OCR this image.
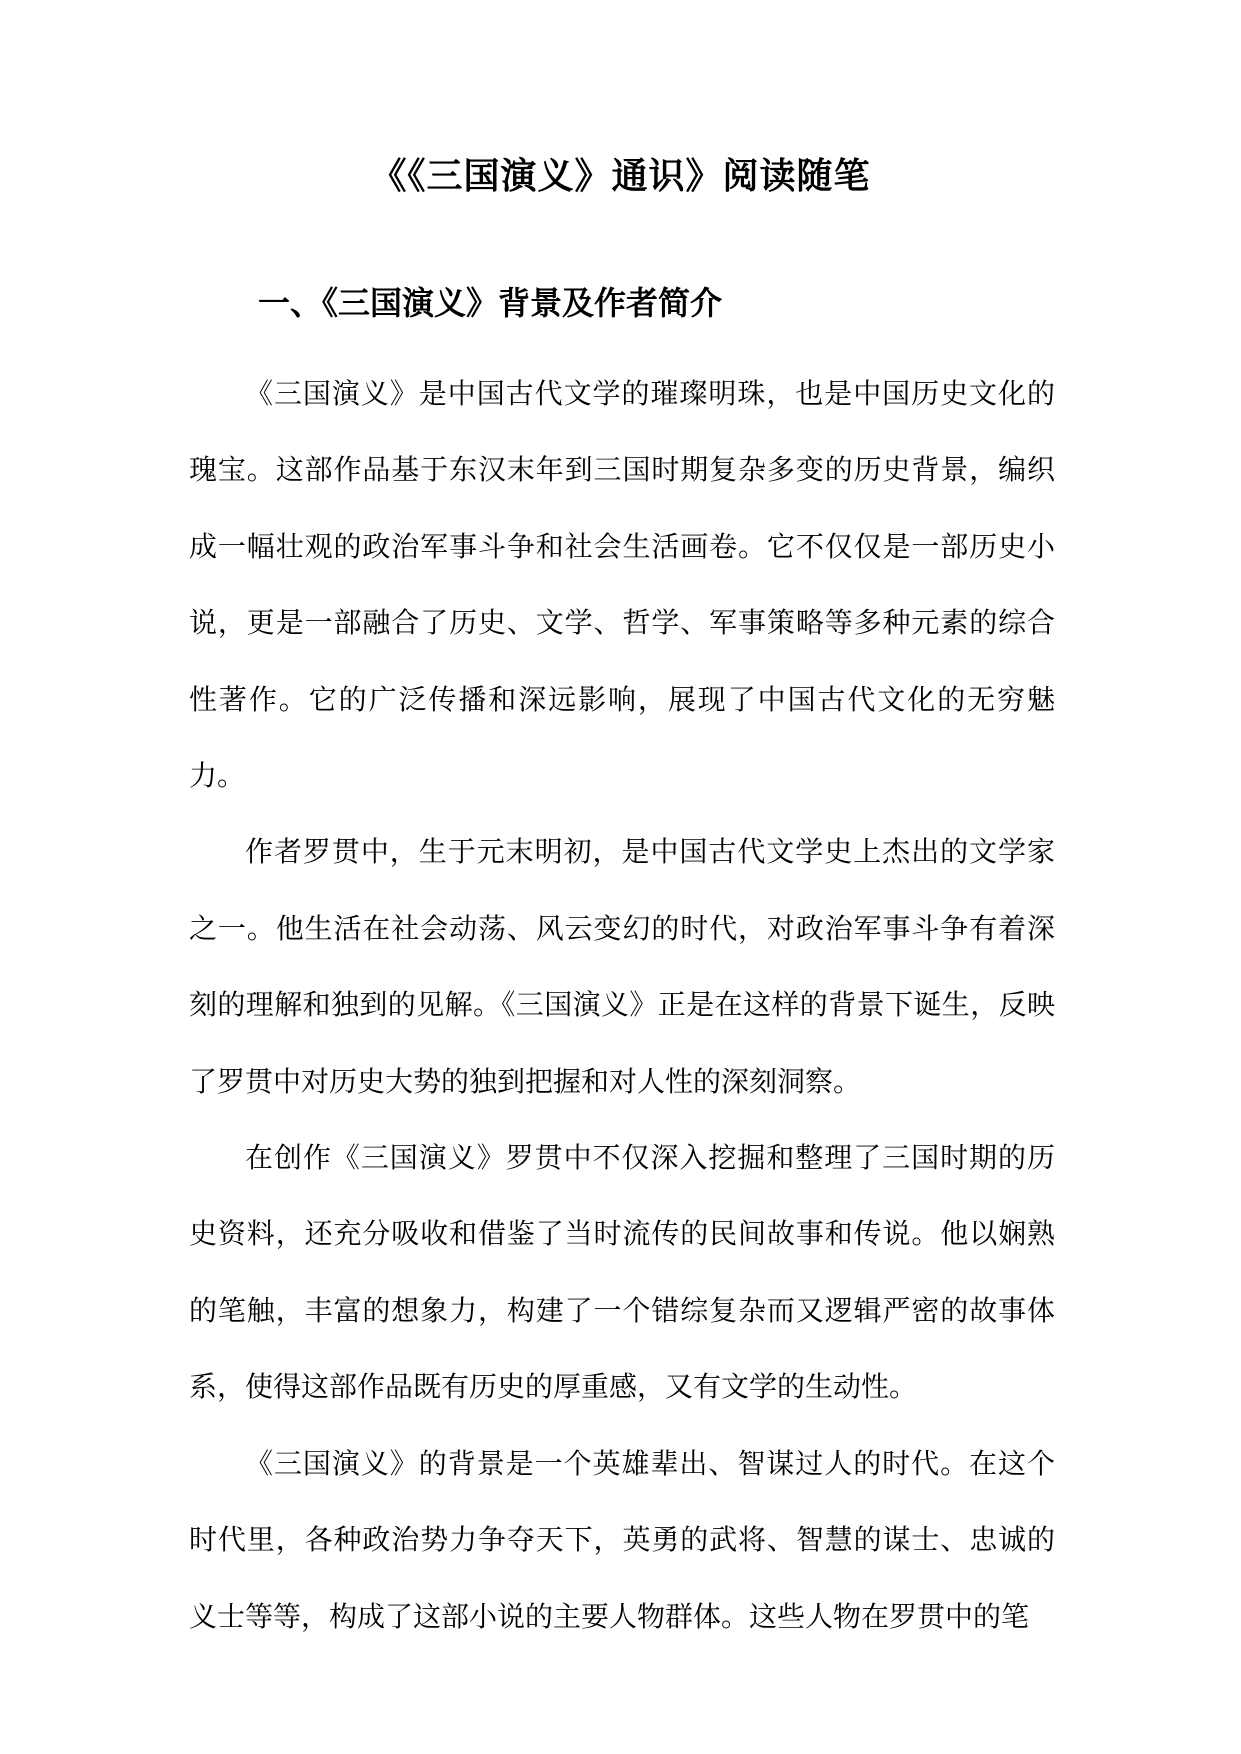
《《三国演义》通识》阅读随笔
一、《三国演义》背景及作者简介

《三国演义》是中国古代文学的璀璨明珠，也是中国历史文化的瑰宝。这部作品基于东汉末年到三国时期复杂多变的历史背景，编织成一幅壮观的政治军事斗争和社会生活画卷。它不仅仅是一部历史小说，更是一部融合了历史、文学、哲学、军事策略等多种元素的综合性著作。它的广泛传播和深远影响，展现了中国古代文化的无穷魅力。

作者罗贯中，生于元末明初，是中国古代文学史上杰出的文学家之一。他生活在社会动荡、风云变幻的时代，对政治军事斗争有着深刻的理解和独到的见解。《三国演义》正是在这样的背景下诞生，反映了罗贯中对历史大势的独到把握和对人性的深刻洞察。

在创作《三国演义》罗贯中不仅深入挖掘和整理了三国时期的历史资料，还充分吸收和借鉴了当时流传的民间故事和传说。他以娴熟的笔触，丰富的想象力，构建了一个错综复杂而又逻辑严密的故事体系，使得这部作品既有历史的厚重感，又有文学的生动性。

《三国演义》的背景是一个英雄辈出、智谋过人的时代。在这个时代里，各种政治势力争夺天下，英勇的武将、智慧的谋士、忠诚的义士等等，构成了这部小说的主要人物群体。这些人物在罗贯中的笔
